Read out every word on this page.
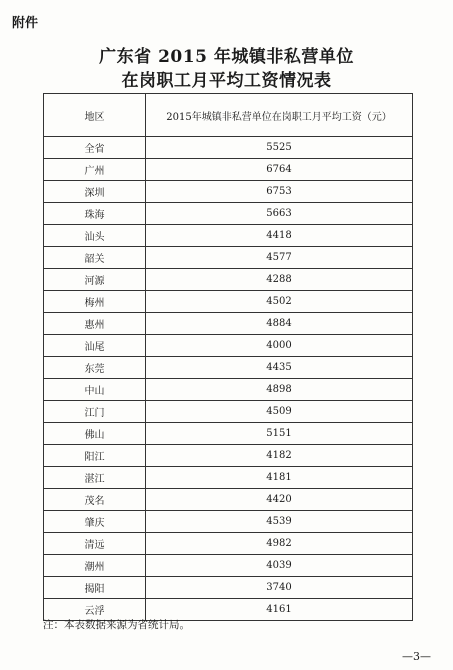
附件
广东省 2015 年城镇非私营单位
在岗职工月平均工资情况表
地区	2015年城镇非私营单位在岗职工月平均工资（元）
全省	5525
广州	6764
深圳	6753
珠海	5663
汕头	4418
韶关	4577
河源	4288
梅州	4502
惠州	4884
汕尾	4000
东莞	4435
中山	4898
江门	4509
佛山	5151
阳江	4182
湛江	4181
茂名	4420
肇庆	4539
清远	4982
潮州	4039
揭阳	3740
云浮	4161
注：本表数据来源为省统计局。
—3—
